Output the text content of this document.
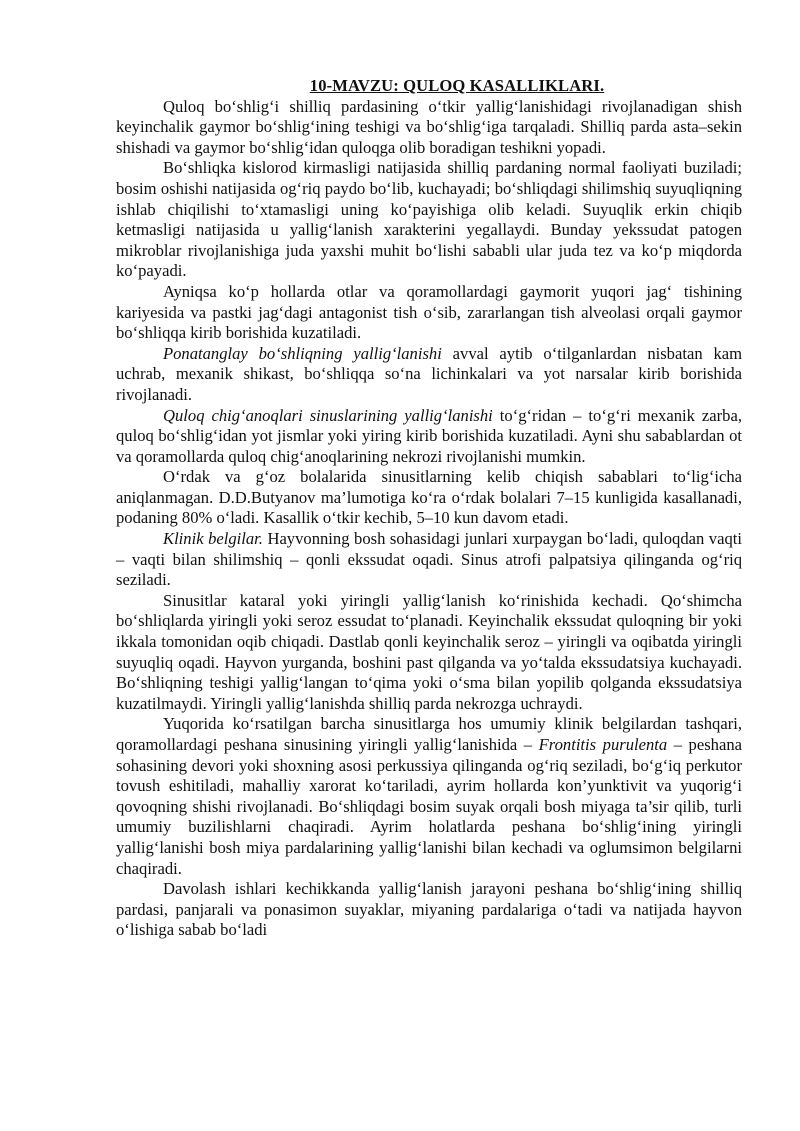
10-MAVZU: QULOQ KASALLIKLARI.

Quloq bo‘shlig‘i shilliq pardasining o‘tkir yallig‘lanishidagi rivojlanadigan shish keyinchalik gaymor bo‘shlig‘ining teshigi va bo‘shlig‘iga tarqaladi. Shilliq parda asta–sekin shishadi va gaymor bo‘shlig‘idan quloqga olib boradigan teshikni yopadi.

Bo‘shliqka kislorod kirmasligi natijasida shilliq pardaning normal faoliyati buziladi; bosim oshishi natijasida og‘riq paydo bo‘lib, kuchayadi; bo‘shliqdagi shilimshiq suyuqliqning ishlab chiqilishi to‘xtamasligi uning ko‘payishiga olib keladi. Suyuqlik erkin chiqib ketmasligi natijasida u yallig‘lanish xarakterini yegallaydi. Bunday yekssudat patogen mikroblar rivojlanishiga juda yaxshi muhit bo‘lishi sababli ular juda tez va ko‘p miqdorda ko‘payadi.

Ayniqsa ko‘p hollarda otlar va qoramollardagi gaymorit yuqori jag‘ tishining kariyesida va pastki jag‘dagi antagonist tish o‘sib, zararlangan tish alveolasi orqali gaymor bo‘shliqqa kirib borishida kuzatiladi.

Ponatanglay bo‘shliqning yallig‘lanishi avval aytib o‘tilganlardan nisbatan kam uchrab, mexanik shikast, bo‘shliqqa so‘na lichinkalari va yot narsalar kirib borishida rivojlanadi.

Quloq chig‘anoqlari sinuslarining yallig‘lanishi to‘g‘ridan – to‘g‘ri mexanik zarba, quloq bo‘shlig‘idan yot jismlar yoki yiring kirib borishida kuzatiladi. Ayni shu sabablardan ot va qoramollarda quloq chig‘anoqlarining nekrozi rivojlanishi mumkin.

O‘rdak va g‘oz bolalarida sinusitlarning kelib chiqish sabablari to‘lig‘icha aniqlanmagan. D.D.Butyanov ma’lumotiga ko‘ra o‘rdak bolalari 7–15 kunligida kasallanadi, podaning 80% o‘ladi. Kasallik o‘tkir kechib, 5–10 kun davom etadi.

Klinik belgilar. Hayvonning bosh sohasidagi junlari xurpaygan bo‘ladi, quloqdan vaqti – vaqti bilan shilimshiq – qonli ekssudat oqadi. Sinus atrofi palpatsiya qilinganda og‘riq seziladi.

Sinusitlar kataral yoki yiringli yallig‘lanish ko‘rinishida kechadi. Qo‘shimcha bo‘shliqlarda yiringli yoki seroz essudat to‘planadi. Keyinchalik ekssudat quloqning bir yoki ikkala tomonidan oqib chiqadi. Dastlab qonli keyinchalik seroz – yiringli va oqibatda yiringli suyuqliq oqadi. Hayvon yurganda, boshini past qilganda va yo‘talda ekssudatsiya kuchayadi. Bo‘shliqning teshigi yallig‘langan to‘qima yoki o‘sma bilan yopilib qolganda ekssudatsiya kuzatilmaydi. Yiringli yallig‘lanishda shilliq parda nekrozga uchraydi.

Yuqorida ko‘rsatilgan barcha sinusitlarga hos umumiy klinik belgilardan tashqari, qoramollardagi peshana sinusining yiringli yallig‘lanishida – Frontitis purulenta – peshana sohasining devori yoki shoxning asosi perkussiya qilinganda og‘riq seziladi, bo‘g‘iq perkutor tovush eshitiladi, mahalliy xarorat ko‘tariladi, ayrim hollarda kon’yunktivit va yuqorig‘i qovoqning shishi rivojlanadi. Bo‘shliqdagi bosim suyak orqali bosh miyaga ta’sir qilib, turli umumiy buzilishlarni chaqiradi. Ayrim holatlarda peshana bo‘shlig‘ining yiringli yallig‘lanishi bosh miya pardalarining yallig‘lanishi bilan kechadi va oglumsimon belgilarni chaqiradi.

Davolash ishlari kechikkanda yallig‘lanish jarayoni peshana bo‘shlig‘ining shilliq pardasi, panjarali va ponasimon suyaklar, miyaning pardalariga o‘tadi va natijada hayvon o‘lishiga sabab bo‘ladi
